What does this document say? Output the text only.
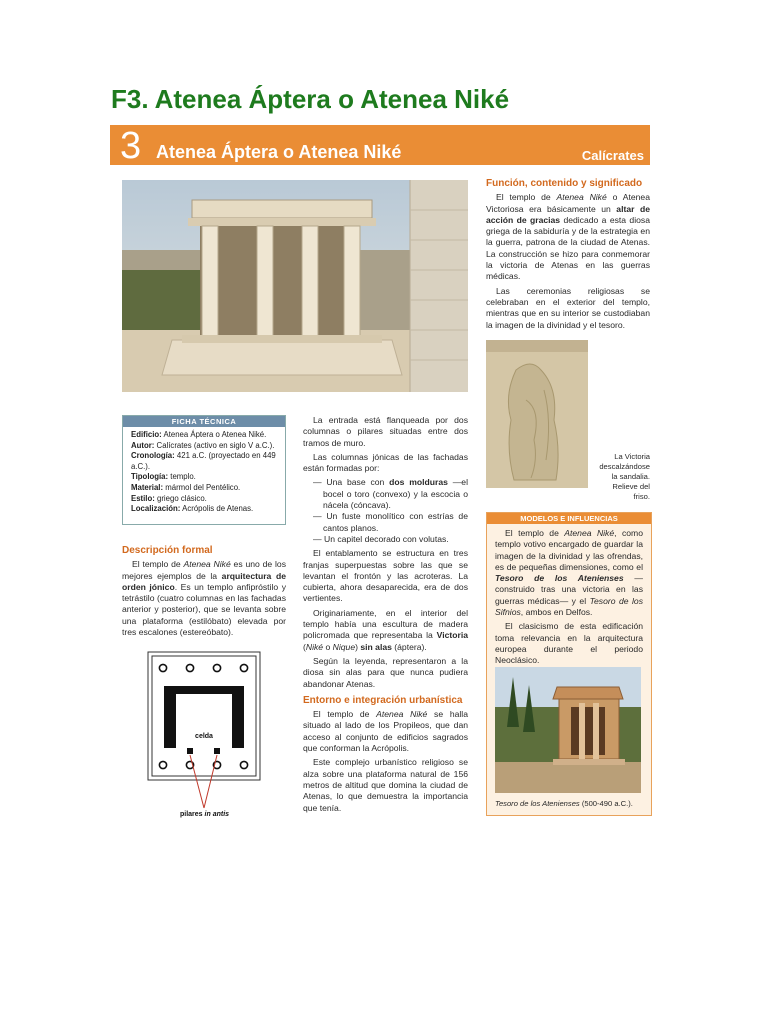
F3. Atenea Áptera o Atenea Niké
3 Atenea Áptera o Atenea Niké	Calícrates
Función, contenido y significado

El templo de Atenea Niké o Atenea Victoriosa era básicamente un altar de acción de gracias dedicado a esta diosa griega de la sabiduría y de la estrategia en la guerra, patrona de la ciudad de Atenas. La construcción se hizo para conmemorar la victoria de Atenas en las guerras médicas.

Las ceremonias religiosas se celebraban en el exterior del templo, mientras que en su interior se custodiaban la imagen de la divinidad y el tesoro.

La Victoria descalzándose la sandalia. Relieve del friso.
FICHA TÉCNICA
Edificio: Atenea Áptera o Atenea Niké.
Autor: Calícrates (activo en siglo V a.C.).
Cronología: 421 a.C. (proyectado en 449 a.C.).
Tipología: templo.
Material: mármol del Pentélico.
Estilo: griego clásico.
Localización: Acrópolis de Atenas.
Descripción formal

El templo de Atenea Niké es uno de los mejores ejemplos de la arquitectura de orden jónico. Es un templo anfipróstilo y tetrástilo (cuatro columnas en las fachadas anterior y posterior), que se levanta sobre una plataforma (estilóbato) elevada por tres escalones (estereóbato).

celda
pilares in antis

La entrada está flanqueada por dos columnas o pilares situadas entre dos tramos de muro.

Las columnas jónicas de las fachadas están formadas por:

— Una base con dos molduras —el bocel o toro (convexo) y la escocia o nácela (cóncava).
— Un fuste monolítico con estrías de cantos planos.
— Un capitel decorado con volutas.

El entablamento se estructura en tres franjas superpuestas sobre las que se levantan el frontón y las acroteras. La cubierta, ahora desaparecida, era de dos vertientes.

Originariamente, en el interior del templo había una escultura de madera policromada que representaba la Victoria (Niké o Nique) sin alas (áptera).

Según la leyenda, representaron a la diosa sin alas para que nunca pudiera abandonar Atenas.

Entorno e integración urbanística

El templo de Atenea Niké se halla situado al lado de los Propileos, que dan acceso al conjunto de edificios sagrados que conforman la Acrópolis.

Este complejo urbanístico religioso se alza sobre una plataforma natural de 156 metros de altitud que domina la ciudad de Atenas, lo que demuestra la importancia que tenía.

MODELOS E INFLUENCIAS

El templo de Atenea Niké, como templo votivo encargado de guardar la imagen de la divinidad y las ofrendas, es de pequeñas dimensiones, como el Tesoro de los Atenienses —construido tras una victoria en las guerras médicas— y el Tesoro de los Sifnios, ambos en Delfos.

El clasicismo de esta edificación toma relevancia en la arquitectura europea durante el periodo Neoclásico.

Tesoro de los Atenienses (500-490 a.C.).
